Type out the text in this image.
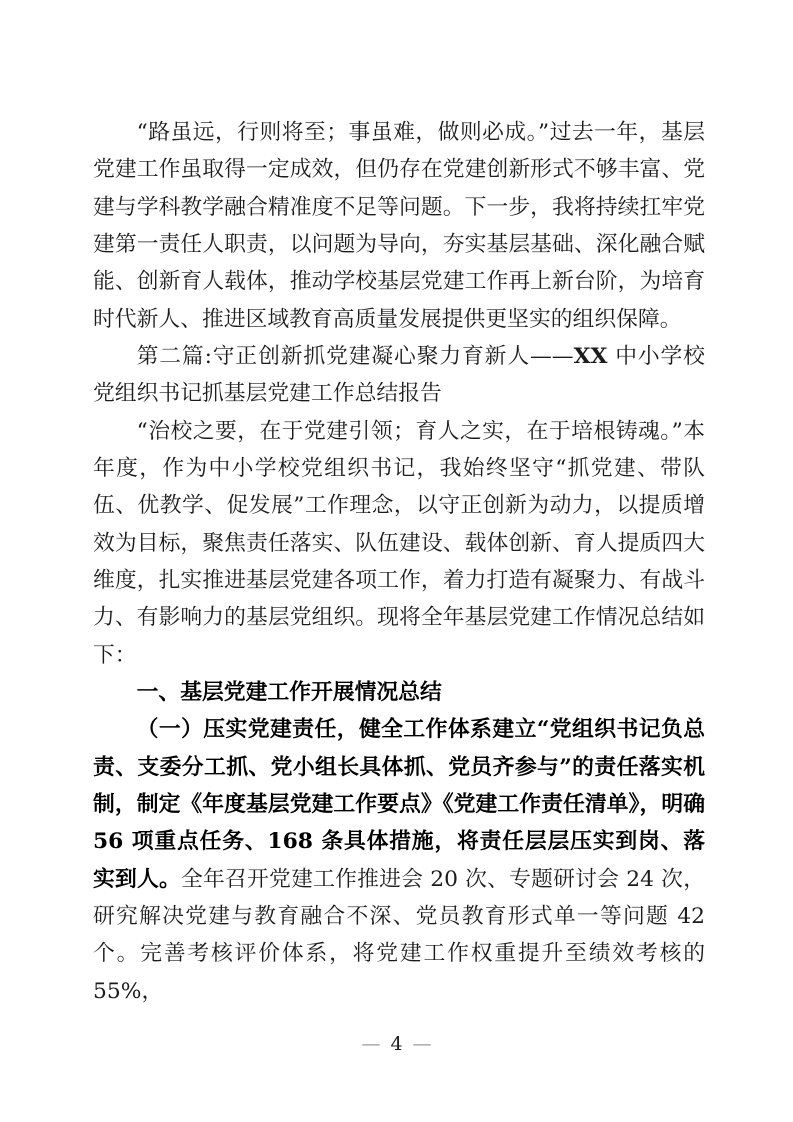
“路虽远，行则将至；事虽难，做则必成。”过去一年，基层党建工作虽取得一定成效，但仍存在党建创新形式不够丰富、党建与学科教学融合精准度不足等问题。下一步，我将持续扛牢党建第一责任人职责，以问题为导向，夯实基层基础、深化融合赋能、创新育人载体，推动学校基层党建工作再上新台阶，为培育时代新人、推进区域教育高质量发展提供更坚实的组织保障。

第二篇:守正创新抓党建凝心聚力育新人——XX 中小学校党组织书记抓基层党建工作总结报告

“治校之要，在于党建引领；育人之实，在于培根铸魂。”本年度，作为中小学校党组织书记，我始终坚守“抓党建、带队伍、优教学、促发展”工作理念，以守正创新为动力，以提质增效为目标，聚焦责任落实、队伍建设、载体创新、育人提质四大维度，扎实推进基层党建各项工作，着力打造有凝聚力、有战斗力、有影响力的基层党组织。现将全年基层党建工作情况总结如下：

一、基层党建工作开展情况总结

（一）压实党建责任，健全工作体系建立“党组织书记负总责、支委分工抓、党小组长具体抓、党员齐参与”的责任落实机制，制定《年度基层党建工作要点》《党建工作责任清单》，明确 56 项重点任务、168 条具体措施，将责任层层压实到岗、落实到人。全年召开党建工作推进会 20 次、专题研讨会 24 次，研究解决党建与教育融合不深、党员教育形式单一等问题 42 个。完善考核评价体系，将党建工作权重提升至绩效考核的 55%，

— 4 —
